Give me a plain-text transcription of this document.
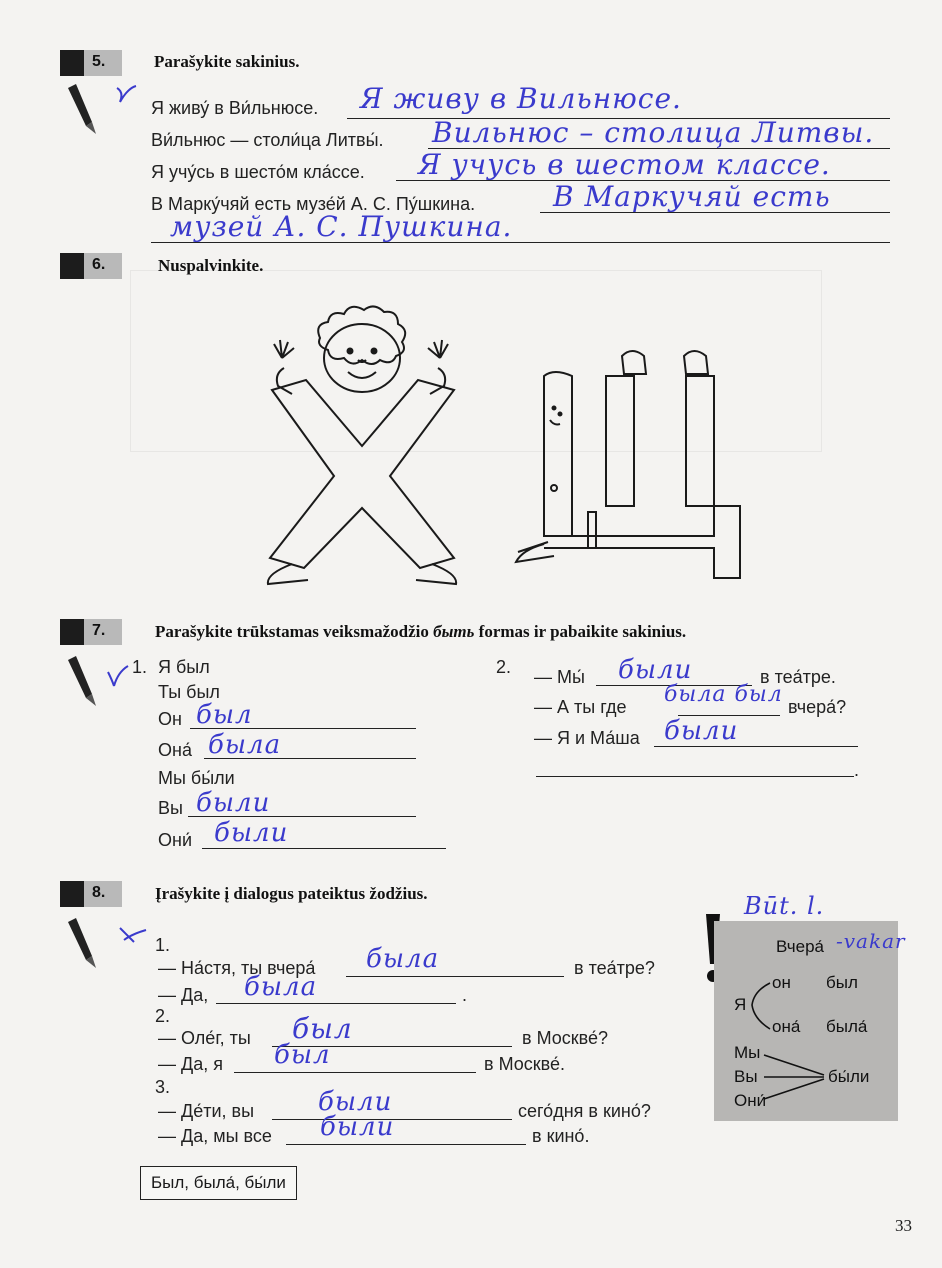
5.	Parašykite sakinius.
Я живу́ в Ви́льнюсе. Я живу в Вильнюсе.
Ви́льнюс — столи́ца Литвы́. Вильнюс – столица Литвы.
Я учу́сь в шесто́м кла́ссе. Я учусь в шестом классе.
В Марку́чяй есть музе́й А. С. Пу́шкина.	В Маркучяй есть
музей А. С. Пушкина.
6.	Nuspalvinkite.
7.	Parašykite trūkstamas veiksmažodžio быть formas ir pabaikite sakinius.
1. Я был
Ты был
Он был
Она́ была
Мы бы́ли
Вы были
Они́ были
2. — Мы́ были	в теа́тре.
— А ты где была был вчера́?
— Я и Ма́ша были
.
8.	Įrašykite į dialogus pateiktus žodžius.
1.
— На́стя, ты вчера́ была	в теа́тре?
— Да, была	.
2.
— Оле́г, ты был	в Москве́?
— Да, я был	в Москве́.
3.
— Де́ти, вы были	сего́дня в кино́?
— Да, мы все были	в кино́.
Был, была́, бы́ли
Būt. l.
Вчера́ -vakar
Я
он был
она́ была́
Мы
Вы
Они́
бы́ли
33
